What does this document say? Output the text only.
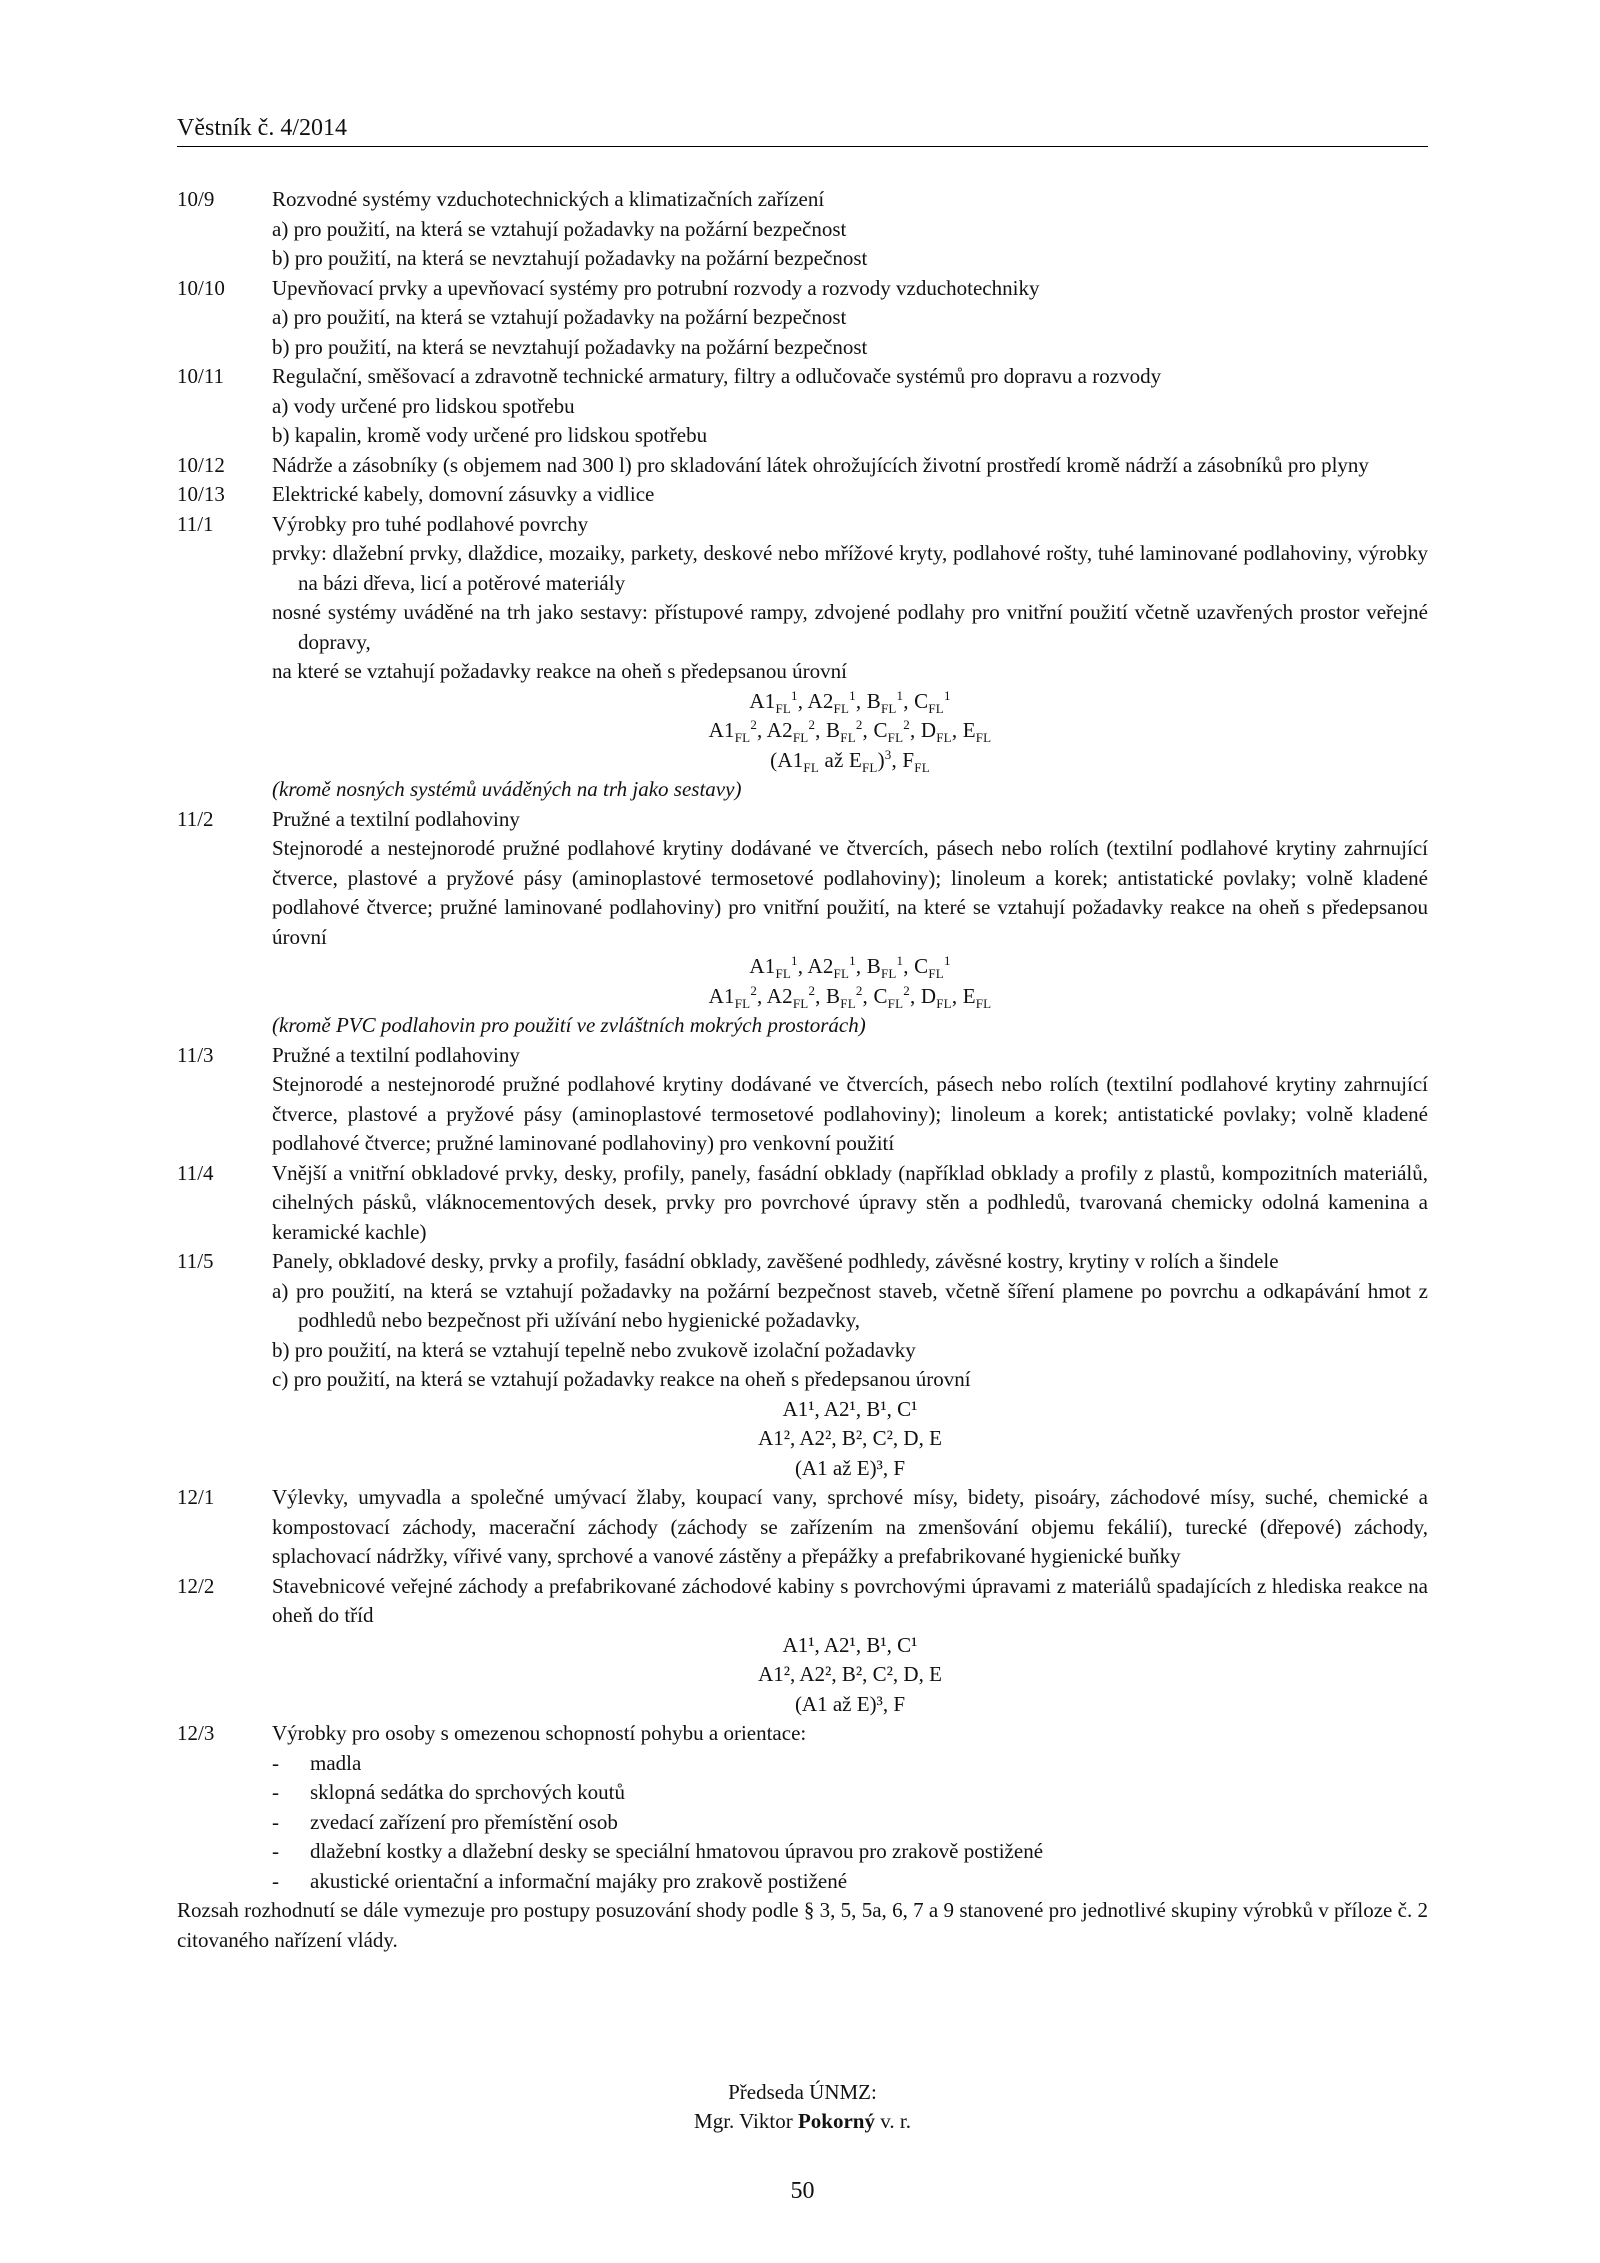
Věstník č. 4/2014
10/9	Rozvodné systémy vzduchotechnických a klimatizačních zařízení
a) pro použití, na která se vztahují požadavky na požární bezpečnost
b) pro použití, na která se nevztahují požadavky na požární bezpečnost
10/10	Upevňovací prvky a upevňovací systémy pro potrubní rozvody a rozvody vzduchotechniky
a) pro použití, na která se vztahují požadavky na požární bezpečnost
b) pro použití, na která se nevztahují požadavky na požární bezpečnost
10/11	Regulační, směšovací a zdravotně technické armatury, filtry a odlučovače systémů pro dopravu a rozvody
a) vody určené pro lidskou spotřebu
b) kapalin, kromě vody určené pro lidskou spotřebu
10/12	Nádrže a zásobníky (s objemem nad 300 l) pro skladování látek ohrožujících životní prostředí kromě nádrží a zásobníků pro plyny
10/13	Elektrické kabely, domovní zásuvky a vidlice
11/1	Výrobky pro tuhé podlahové povrchy
prvky: dlažební prvky, dlaždice, mozaiky, parkety, deskové nebo mřížové kryty, podlahové rošty, tuhé laminované podlahoviny, výrobky na bázi dřeva, licí a potěrové materiály
nosné systémy uváděné na trh jako sestavy: přístupové rampy, zdvojené podlahy pro vnitřní použití včetně uzavřených prostor veřejné dopravy,
na které se vztahují požadavky reakce na oheň s předepsanou úrovní
$A1_{FL}^1$, $A2_{FL}^1$, $B_{FL}^1$, $C_{FL}^1$
$A1_{FL}^2$, $A2_{FL}^2$, $B_{FL}^2$, $C_{FL}^2$, $D_{FL}$, $E_{FL}$
($A1_{FL}$ až $E_{FL})^3$, $F_{FL}$
(kromě nosných systémů uváděných na trh jako sestavy)
11/2	Pružné a textilní podlahoviny
Stejnorodé a nestejnorodé pružné podlahové krytiny dodávané ve čtvercích, pásech nebo rolích (textilní podlahové krytiny zahrnující čtverce, plastové a pryžové pásy (aminoplastové termosetové podlahoviny); linoleum a korek; antistatické povlaky; volně kladené podlahové čtverce; pružné laminované podlahoviny) pro vnitřní použití, na které se vztahují požadavky reakce na oheň s předepsanou úrovní
$A1_{FL}^1$, $A2_{FL}^1$, $B_{FL}^1$, $C_{FL}^1$
$A1_{FL}^2$, $A2_{FL}^2$, $B_{FL}^2$, $C_{FL}^2$, $D_{FL}$, $E_{FL}$
(kromě PVC podlahovin pro použití ve zvláštních mokrých prostorách)
11/3	Pružné a textilní podlahoviny
Stejnorodé a nestejnorodé pružné podlahové krytiny dodávané ve čtvercích, pásech nebo rolích (textilní podlahové krytiny zahrnující čtverce, plastové a pryžové pásy (aminoplastové termosetové podlahoviny); linoleum a korek; antistatické povlaky; volně kladené podlahové čtverce; pružné laminované podlahoviny) pro venkovní použití
11/4	Vnější a vnitřní obkladové prvky, desky, profily, panely, fasádní obklady (například obklady a profily z plastů, kompozitních materiálů, cihelných pásků, vláknocementových desek, prvky pro povrchové úpravy stěn a podhledů, tvarovaná chemicky odolná kamenina a keramické kachle)
11/5	Panely, obkladové desky, prvky a profily, fasádní obklady, zavěšené podhledy, závěsné kostry, krytiny v rolích a šindele
a) pro použití, na která se vztahují požadavky na požární bezpečnost staveb, včetně šíření plamene po povrchu a odkapávání hmot z podhledů nebo bezpečnost při užívání nebo hygienické požadavky,
b) pro použití, na která se vztahují tepelně nebo zvukově izolační požadavky
c) pro použití, na která se vztahují požadavky reakce na oheň s předepsanou úrovní
A1¹, A2¹, B¹, C¹
A1², A2², B², C², D, E
(A1 až E)³, F
12/1	Výlevky, umyvadla a společné umývací žlaby, koupací vany, sprchové mísy, bidety, pisoáry, záchodové mísy, suché, chemické a kompostovací záchody, macerační záchody (záchody se zařízením na zmenšování objemu fekálií), turecké (dřepové) záchody, splachovací nádržky, vířivé vany, sprchové a vanové zástěny a přepážky a prefabrikované hygienické buňky
12/2	Stavebnicové veřejné záchody a prefabrikované záchodové kabiny s povrchovými úpravami z materiálů spadajících z hlediska reakce na oheň do tříd
A1¹, A2¹, B¹, C¹
A1², A2², B², C², D, E
(A1 až E)³, F
12/3	Výrobky pro osoby s omezenou schopností pohybu a orientace:
-	madla
-	sklopná sedátka do sprchových koutů
-	zvedací zařízení pro přemístění osob
-	dlažební kostky a dlažební desky se speciální hmatovou úpravou pro zrakově postižené
-	akustické orientační a informační majáky pro zrakově postižené
Rozsah rozhodnutí se dále vymezuje pro postupy posuzování shody podle § 3, 5, 5a, 6, 7 a 9 stanovené pro jednotlivé skupiny výrobků v příloze č. 2 citovaného nařízení vlády.
Předseda ÚNMZ:
Mgr. Viktor Pokorný v. r.
50
